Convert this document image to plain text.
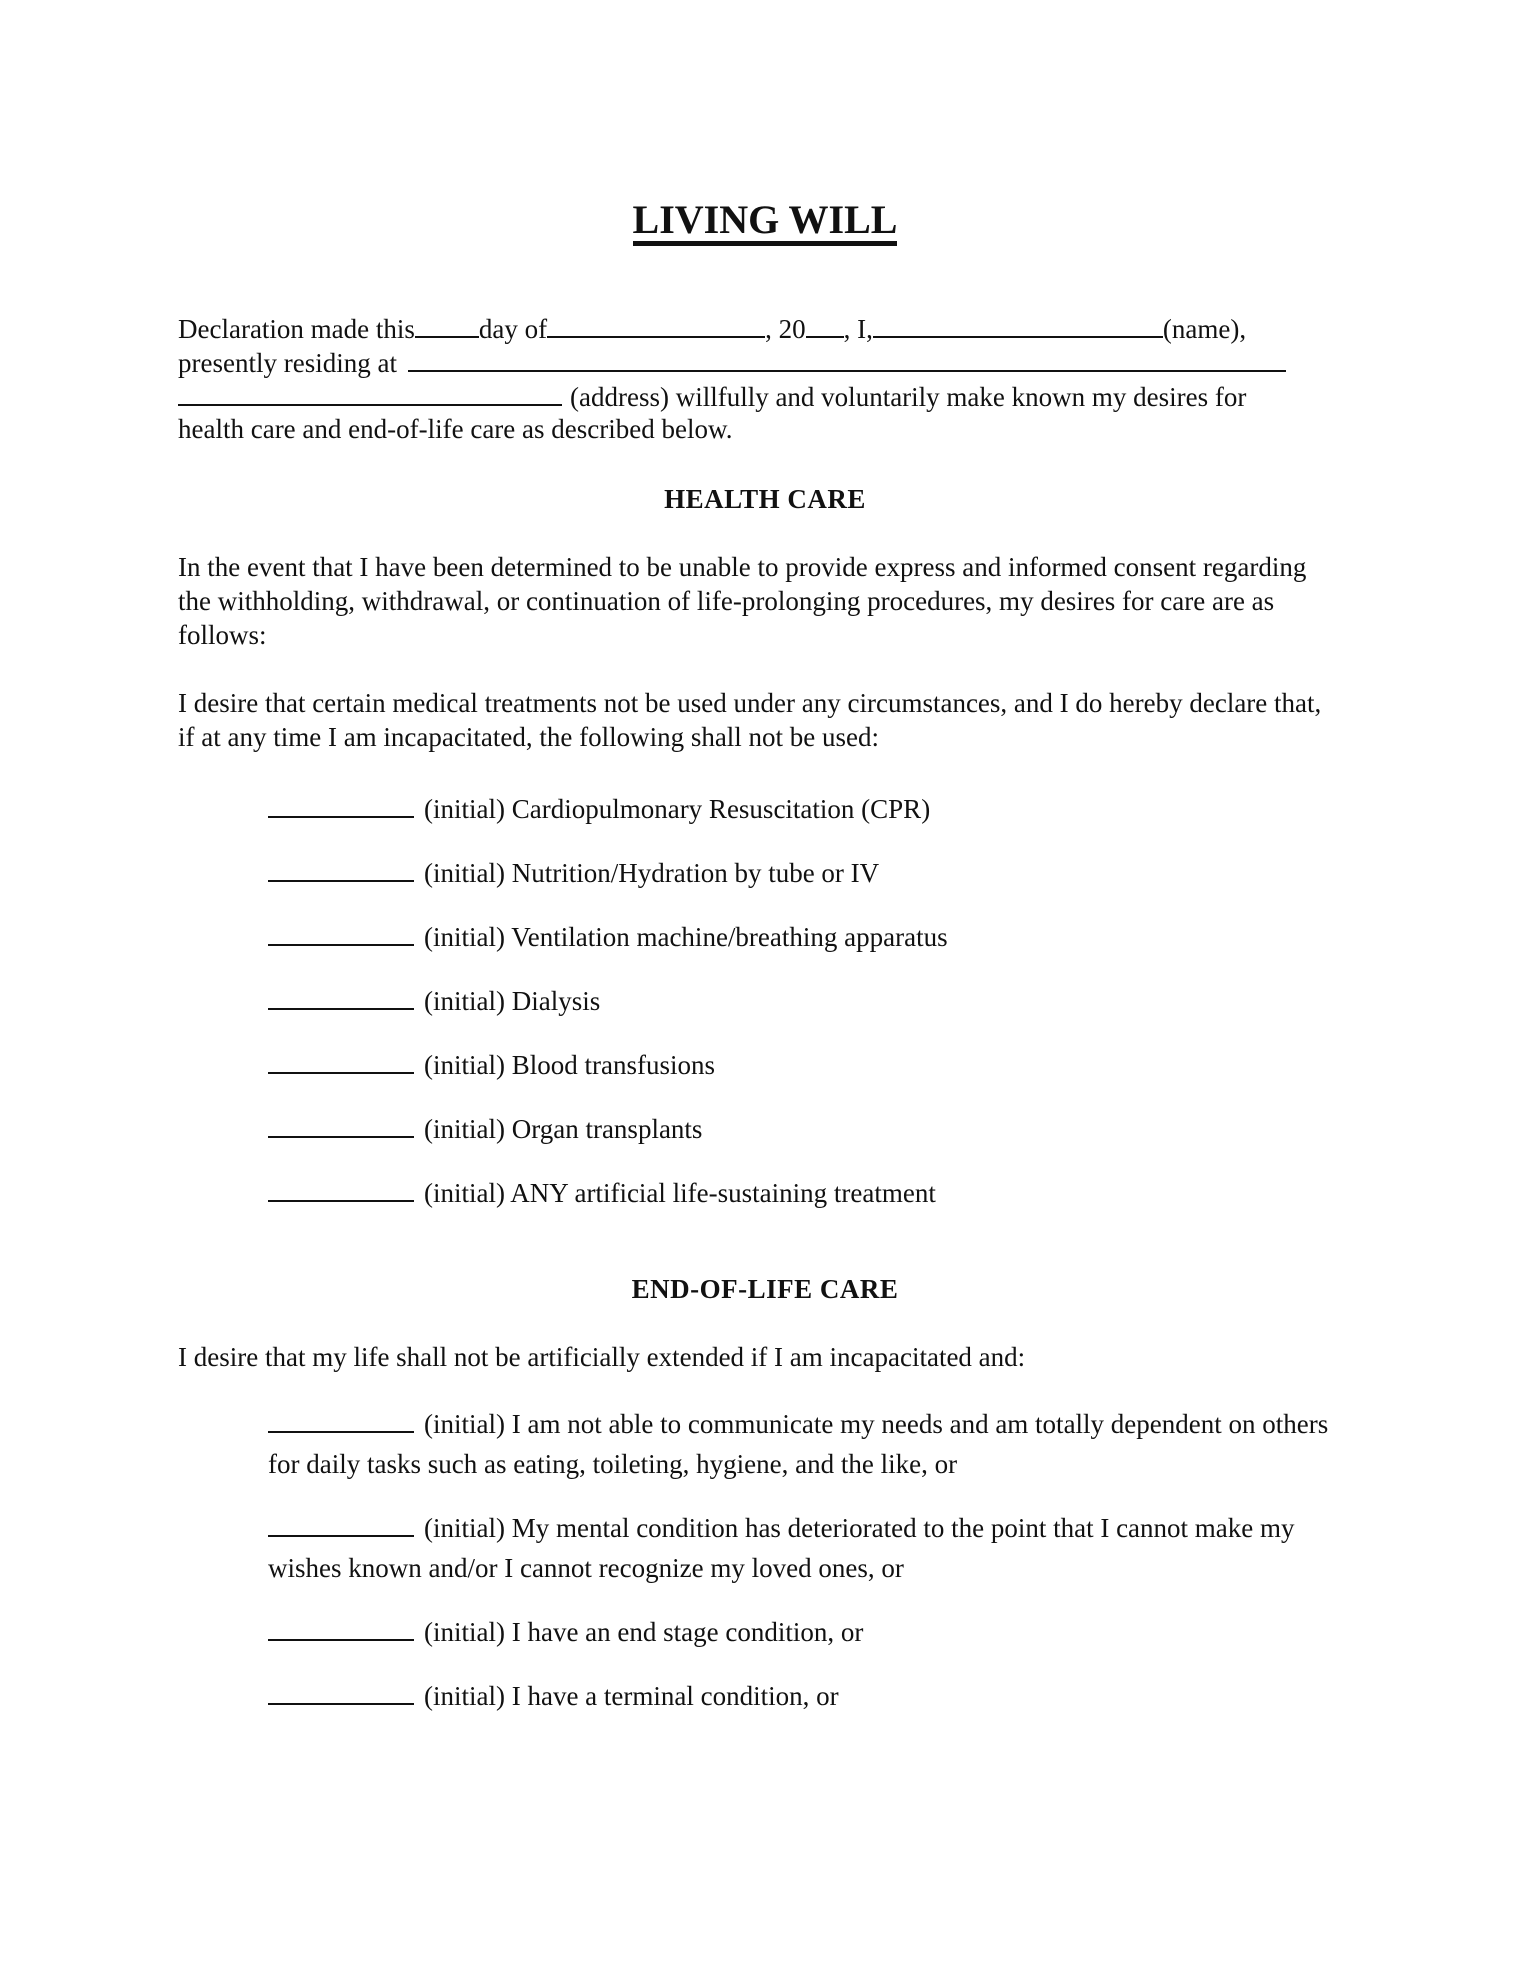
LIVING WILL
Declaration made this day of	, 20 , I,	(name),
presently residing at
(address) willfully and voluntarily make known my desires for
health care and end-of-life care as described below.
HEALTH CARE
In the event that I have been determined to be unable to provide express and informed consent regarding the withholding, withdrawal, or continuation of life-prolonging procedures, my desires for care are as follows:
I desire that certain medical treatments not be used under any circumstances, and I do hereby declare that, if at any time I am incapacitated, the following shall not be used:
(initial) Cardiopulmonary Resuscitation (CPR)
(initial) Nutrition/Hydration by tube or IV
(initial) Ventilation machine/breathing apparatus
(initial) Dialysis
(initial) Blood transfusions
(initial) Organ transplants
(initial) ANY artificial life-sustaining treatment
END-OF-LIFE CARE
I desire that my life shall not be artificially extended if I am incapacitated and:
(initial) I am not able to communicate my needs and am totally dependent on others for daily tasks such as eating, toileting, hygiene, and the like, or
(initial) My mental condition has deteriorated to the point that I cannot make my wishes known and/or I cannot recognize my loved ones, or
(initial) I have an end stage condition, or
(initial) I have a terminal condition, or
